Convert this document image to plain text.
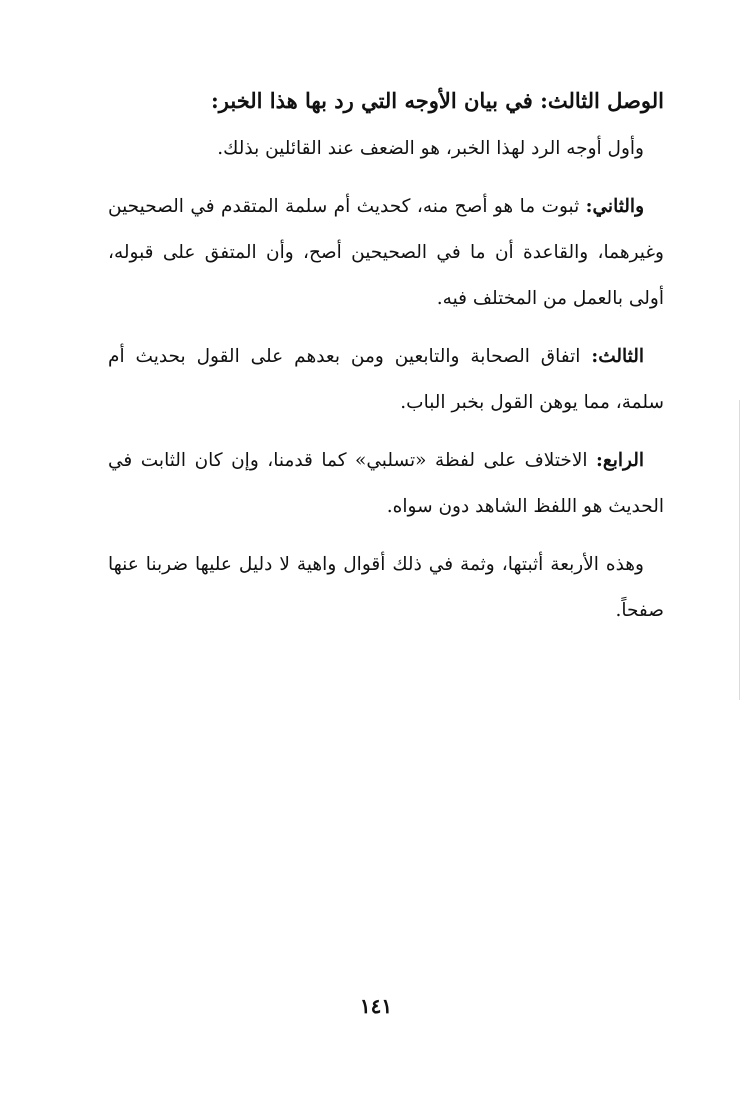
الوصل الثالث: في بيان الأوجه التي رد بها هذا الخبر:

وأول أوجه الرد لهذا الخبر، هو الضعف عند القائلين بذلك.

والثاني: ثبوت ما هو أصح منه، كحديث أم سلمة المتقدم في الصحيحين وغيرهما، والقاعدة أن ما في الصحيحين أصح، وأن المتفق على قبوله، أولى بالعمل من المختلف فيه.

الثالث: اتفاق الصحابة والتابعين ومن بعدهم على القول بحديث أم سلمة، مما يوهن القول بخبر الباب.

الرابع: الاختلاف على لفظة «تسلبي» كما قدمنا، وإن كان الثابت في الحديث هو اللفظ الشاهد دون سواه.

وهذه الأربعة أثبتها، وثمة في ذلك أقوال واهية لا دليل عليها ضربنا عنها صفحاً.

١٤١
